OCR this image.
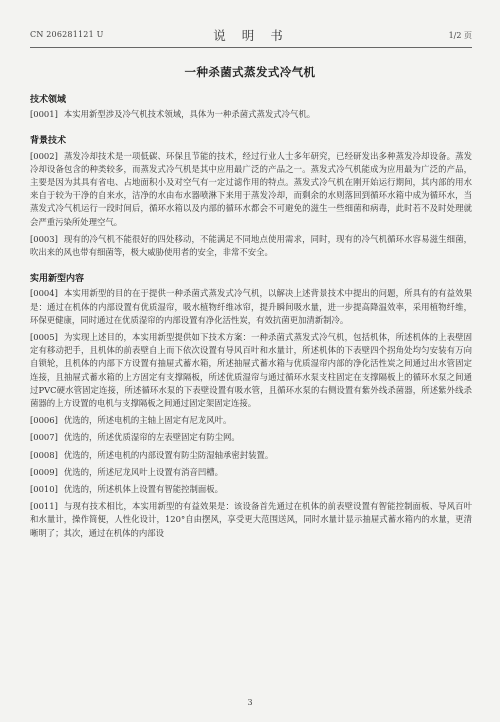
CN 206281121 U	说 明 书	1/2 页
一种杀菌式蒸发式冷气机
技术领域

[0001] 本实用新型涉及冷气机技术领域，具体为一种杀菌式蒸发式冷气机。

背景技术

[0002] 蒸发冷却技术是一项低碳、环保且节能的技术，经过行业人士多年研究，已经研发出多种蒸发冷却设备。蒸发冷却设备包含的种类较多，而蒸发式冷气机是其中应用最广泛的产品之一。蒸发式冷气机能成为应用最为广泛的产品，主要是因为其具有省电、占地面积小及对空气有一定过滤作用的特点。蒸发式冷气机在刚开始运行期间，其内部的用水来自于较为干净的自来水，洁净的水由布水器喷淋下来用于蒸发冷却，而剩余的水则落回到循环水箱中成为循环水，当蒸发式冷气机运行一段时间后，循环水箱以及内部的循环水都会不可避免的滋生一些细菌和病毒，此时若不及时处理就会严重污染所处理空气。

[0003] 现有的冷气机不能很好的四处移动，不能满足不同地点使用需求，同时，现有的冷气机循环水容易滋生细菌，吹出来的风也带有细菌等，极大威胁使用者的安全，非常不安全。

实用新型内容

[0004] 本实用新型的目的在于提供一种杀菌式蒸发式冷气机，以解决上述背景技术中提出的问题，所具有的有益效果是：通过在机体的内部设置有优质湿帘，吸水植物纤维冰帘，提升瞬间吸水量，进一步提高降温效率，采用植物纤维，环保更健康，同时通过在优质湿帘的内部设置有净化活性炭，有效抗菌更加清新制冷。

[0005] 为实现上述目的，本实用新型提供如下技术方案：一种杀菌式蒸发式冷气机，包括机体，所述机体的上表壁固定有移动把手，且机体的前表壁自上而下依次设置有导风百叶和水量计，所述机体的下表壁四个拐角处均匀安装有万向自锁轮，且机体的内部下方设置有抽屉式蓄水箱，所述抽屉式蓄水箱与优质湿帘内部的净化活性炭之间通过出水管固定连接，且抽屉式蓄水箱的上方固定有支撑隔板，所述优质湿帘与通过循环水泵支柱固定在支撑隔板上的循环水泵之间通过PVC硬水管固定连接，所述循环水泵的下表壁设置有吸水管，且循环水泵的右侧设置有紫外线杀菌器，所述紫外线杀菌器的上方设置的电机与支撑隔板之间通过固定架固定连接。

[0006] 优选的，所述电机的主轴上固定有尼龙风叶。

[0007] 优选的，所述优质湿帘的左表壁固定有防尘网。

[0008] 优选的，所述电机的内部设置有防尘防湿轴承密封装置。

[0009] 优选的，所述尼龙风叶上设置有消音凹槽。

[0010] 优选的，所述机体上设置有智能控制面板。

[0011] 与现有技术相比，本实用新型的有益效果是：该设备首先通过在机体的前表壁设置有智能控制面板、导风百叶和水量计，操作简便，人性化设计，120°自由摆风，享受更大范围送风，同时水量计显示抽屉式蓄水箱内的水量，更清晰明了；其次，通过在机体的内部设

3
